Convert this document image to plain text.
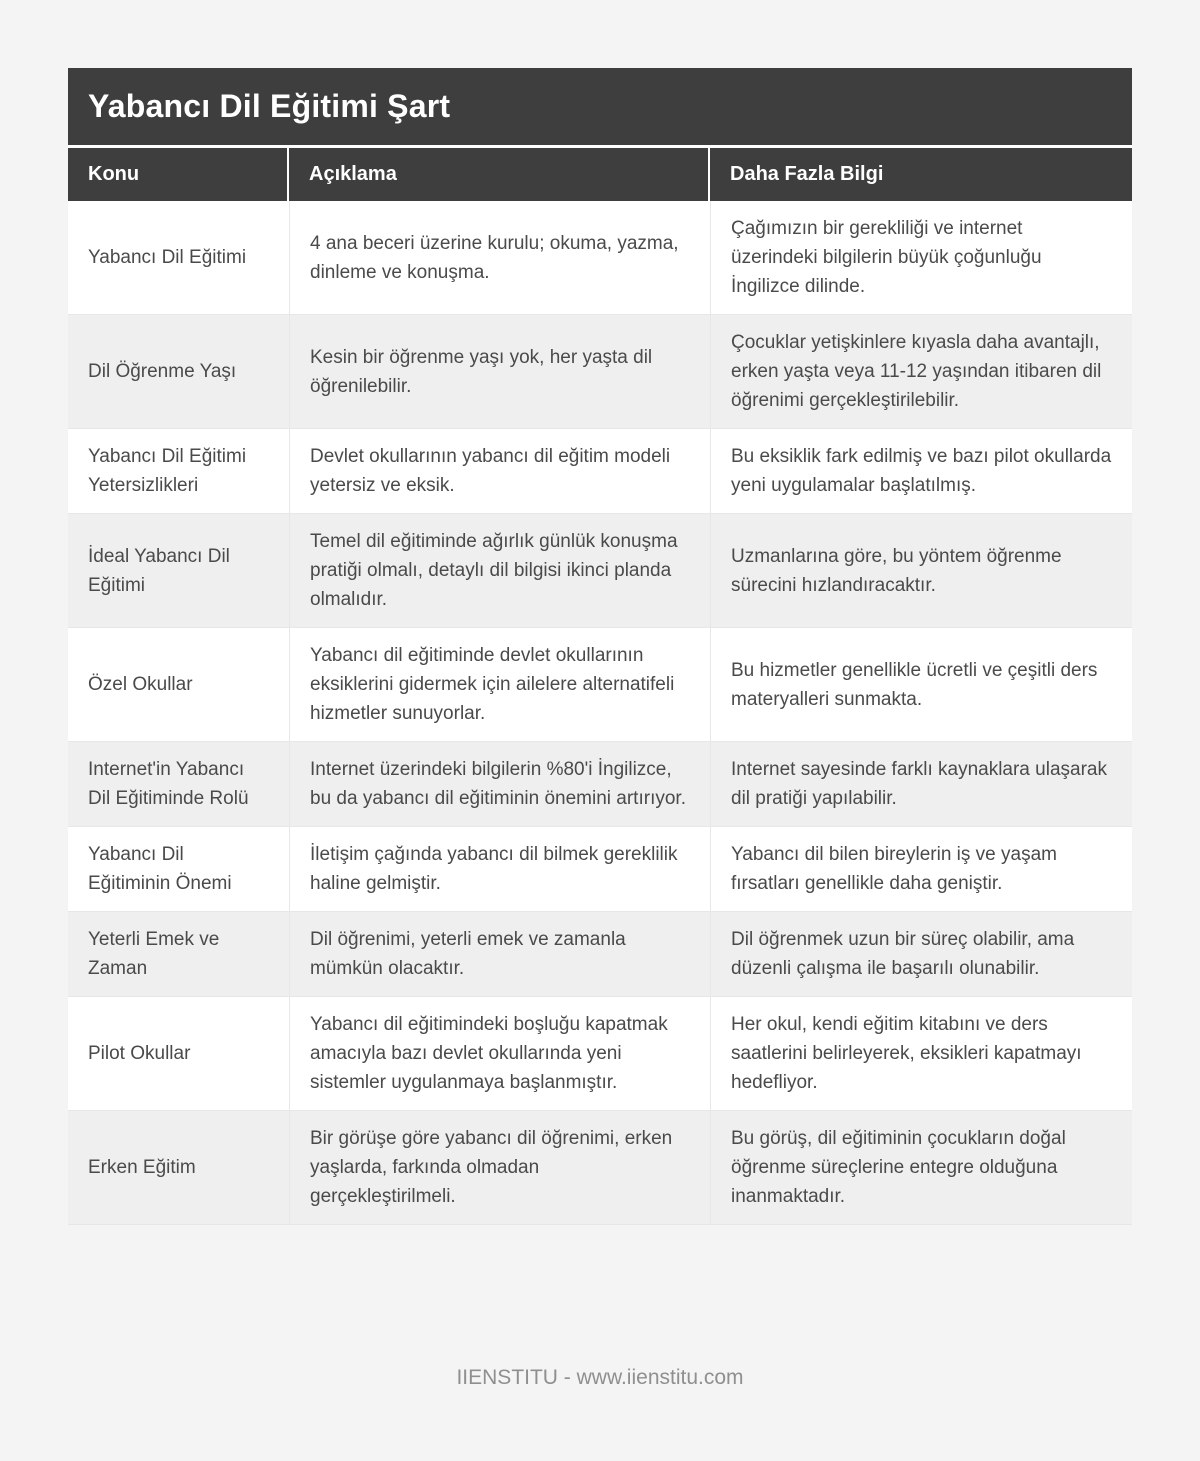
Yabancı Dil Eğitimi Şart
Konu	Açıklama	Daha Fazla Bilgi
Yabancı Dil Eğitimi
4 ana beceri üzerine kurulu; okuma, yazma, dinleme ve konuşma.
Çağımızın bir gerekliliği ve internet üzerindeki bilgilerin büyük çoğunluğu İngilizce dilinde.
Dil Öğrenme Yaşı
Kesin bir öğrenme yaşı yok, her yaşta dil öğrenilebilir.
Çocuklar yetişkinlere kıyasla daha avantajlı, erken yaşta veya 11-12 yaşından itibaren dil öğrenimi gerçekleştirilebilir.
Yabancı Dil Eğitimi Yetersizlikleri
Devlet okullarının yabancı dil eğitim modeli yetersiz ve eksik.
Bu eksiklik fark edilmiş ve bazı pilot okullarda yeni uygulamalar başlatılmış.
İdeal Yabancı Dil Eğitimi
Temel dil eğitiminde ağırlık günlük konuşma pratiği olmalı, detaylı dil bilgisi ikinci planda olmalıdır.
Uzmanlarına göre, bu yöntem öğrenme sürecini hızlandıracaktır.
Özel Okullar
Yabancı dil eğitiminde devlet okullarının eksiklerini gidermek için ailelere alternatifeli hizmetler sunuyorlar.
Bu hizmetler genellikle ücretli ve çeşitli ders materyalleri sunmakta.
Internet'in Yabancı Dil Eğitiminde Rolü
Internet üzerindeki bilgilerin %80'i İngilizce, bu da yabancı dil eğitiminin önemini artırıyor.
Internet sayesinde farklı kaynaklara ulaşarak dil pratiği yapılabilir.
Yabancı Dil Eğitiminin Önemi
İletişim çağında yabancı dil bilmek gereklilik haline gelmiştir.
Yabancı dil bilen bireylerin iş ve yaşam fırsatları genellikle daha geniştir.
Yeterli Emek ve Zaman
Dil öğrenimi, yeterli emek ve zamanla mümkün olacaktır.
Dil öğrenmek uzun bir süreç olabilir, ama düzenli çalışma ile başarılı olunabilir.
Pilot Okullar
Yabancı dil eğitimindeki boşluğu kapatmak amacıyla bazı devlet okullarında yeni sistemler uygulanmaya başlanmıştır.
Her okul, kendi eğitim kitabını ve ders saatlerini belirleyerek, eksikleri kapatmayı hedefliyor.
Erken Eğitim
Bir görüşe göre yabancı dil öğrenimi, erken yaşlarda, farkında olmadan gerçekleştirilmeli.
Bu görüş, dil eğitiminin çocukların doğal öğrenme süreçlerine entegre olduğuna inanmaktadır.
IIENSTITU - www.iienstitu.com
